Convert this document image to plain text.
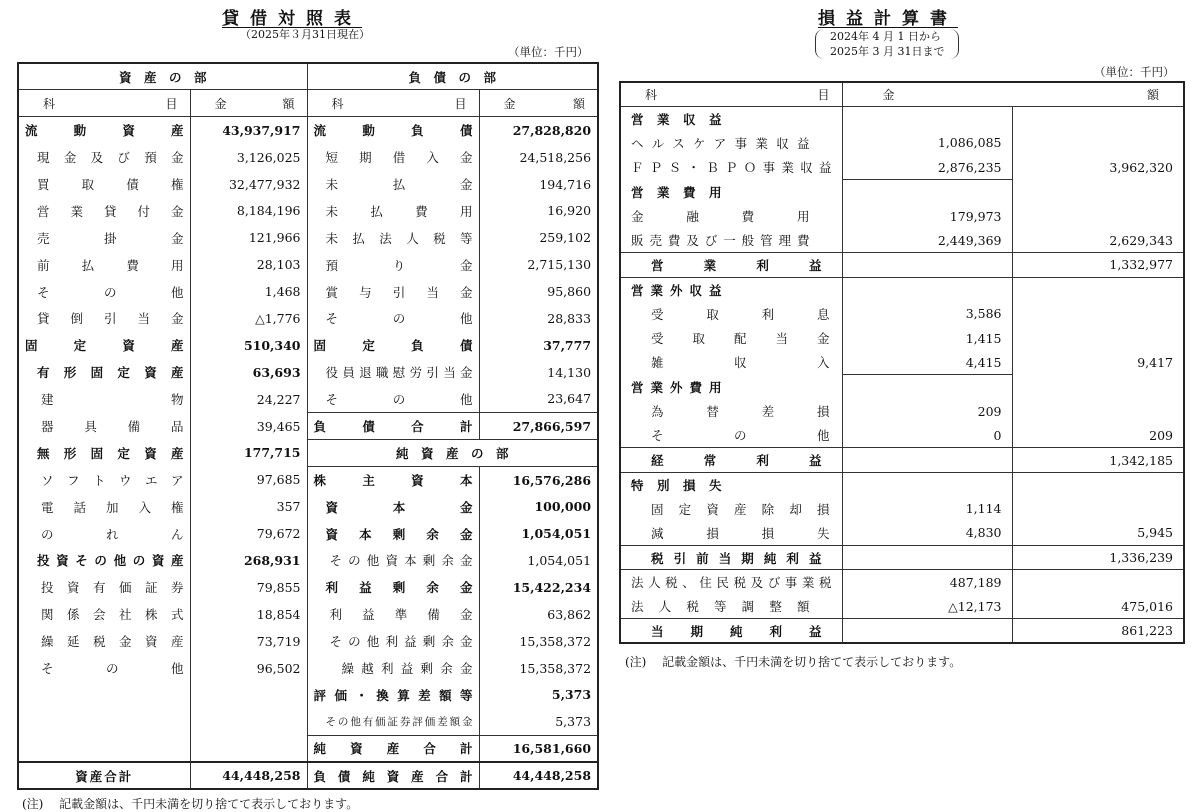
貸借対照表
（2025年３月31日現在）
（単位：千円）
資　産　の　部		負　債　の　部	

科 目	金 額	科 目	金 額

流動資産	43,937,917	流動負債	27,828,820

現金及び預金	3,126,025	短期借入金	24,518,256

買取債権	32,477,932	未払金	194,716

営業貸付金	8,184,196	未払費用	16,920

売掛金	121,966	未払法人税等	259,102

前払費用	28,103	預り金	2,715,130

その他	1,468	賞与引当金	95,860

貸倒引当金	△1,776	その他	28,833

固定資産	510,340	固定負債	37,777

有形固定資産	63,693	役員退職慰労引当金	14,130

建物	24,227	その他	23,647

器具備品	39,465	負債合計	27,866,597

無形固定資産	177,715	純　資　産　の　部	

ソフトウエア	97,685	株主資本	16,576,286

電話加入権	357	資本金	100,000

のれん	79,672	資本剰余金	1,054,051

投資その他の資産	268,931	その他資本剰余金	1,054,051

投資有価証券	79,855	利益剰余金	15,422,234

関係会社株式	18,854	利益準備金	63,862

繰延税金資産	73,719	その他利益剰余金	15,358,372

その他	96,502	繰越利益剰余金	15,358,372

		評価・換算差額等	5,373

		その他有価証券評価差額金	5,373

		純資産合計	16,581,660

資産合計	44,448,258	負債純資産合計	44,448,258
(注)　 記載金額は、千円未満を切り捨てて表示しております。
損益計算書
2024年 4 月 1 日から
2025年 3 月 31日まで
（単位：千円）
科 目	金 額	

営業収益		

ヘルスケア事業収益	1,086,085	

ＦＰＳ・ＢＰＯ事業収益	2,876,235	3,962,320

営業費用		

金融費用	179,973	

販売費及び一般管理費	2,449,369	2,629,343

営業利益		1,332,977

営業外収益		

受取利息	3,586	

受取配当金	1,415	

雑収入	4,415	9,417

営業外費用		

為替差損	209	

その他	0	209

経常利益		1,342,185

特別損失		

固定資産除却損	1,114	

減損損失	4,830	5,945

税引前当期純利益		1,336,239

法人税、住民税及び事業税	487,189	

法人税等調整額	△12,173	475,016

当期純利益		861,223
(注)　 記載金額は、千円未満を切り捨てて表示しております。
